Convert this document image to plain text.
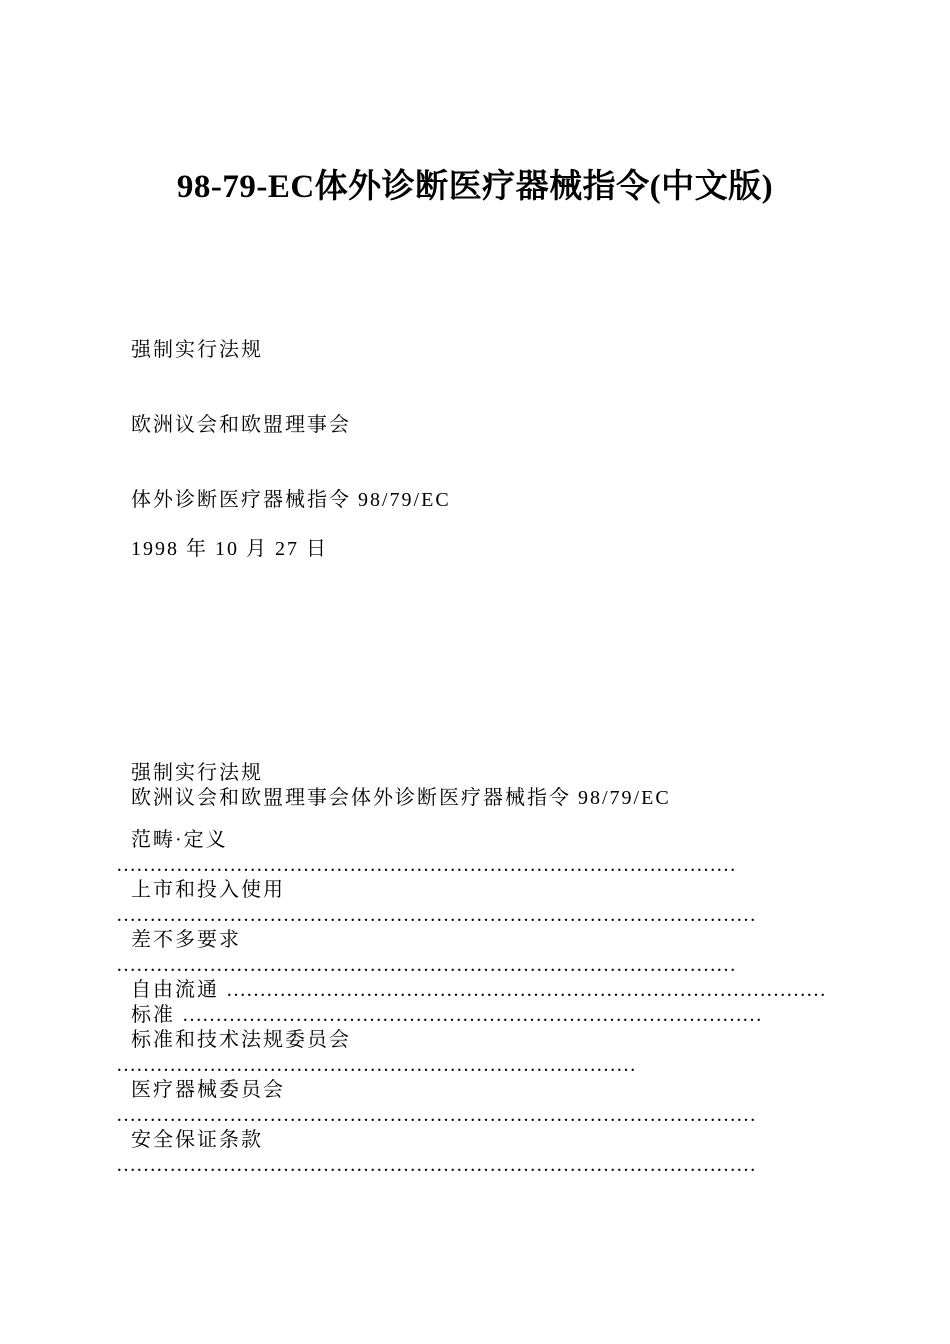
98-79-EC体外诊断医疗器械指令(中文版)
强制实行法规
欧洲议会和欧盟理事会
体外诊断医疗器械指令 98/79/EC
1998 年 10 月 27 日
强制实行法规
欧洲议会和欧盟理事会体外诊断医疗器械指令 98/79/EC
范畴·定义 …………………………………………………………………………………
上市和投入使用 ……………………………………………………………………………………
差不多要求 …………………………………………………………………………………
自由流通 ………………………………………………………………………………
标准 ……………………………………………………………………………
标准和技术法规委员会 ……………………………………………………………………
医疗器械委员会 ……………………………………………………………………………………
安全保证条款 ……………………………………………………………………………………
